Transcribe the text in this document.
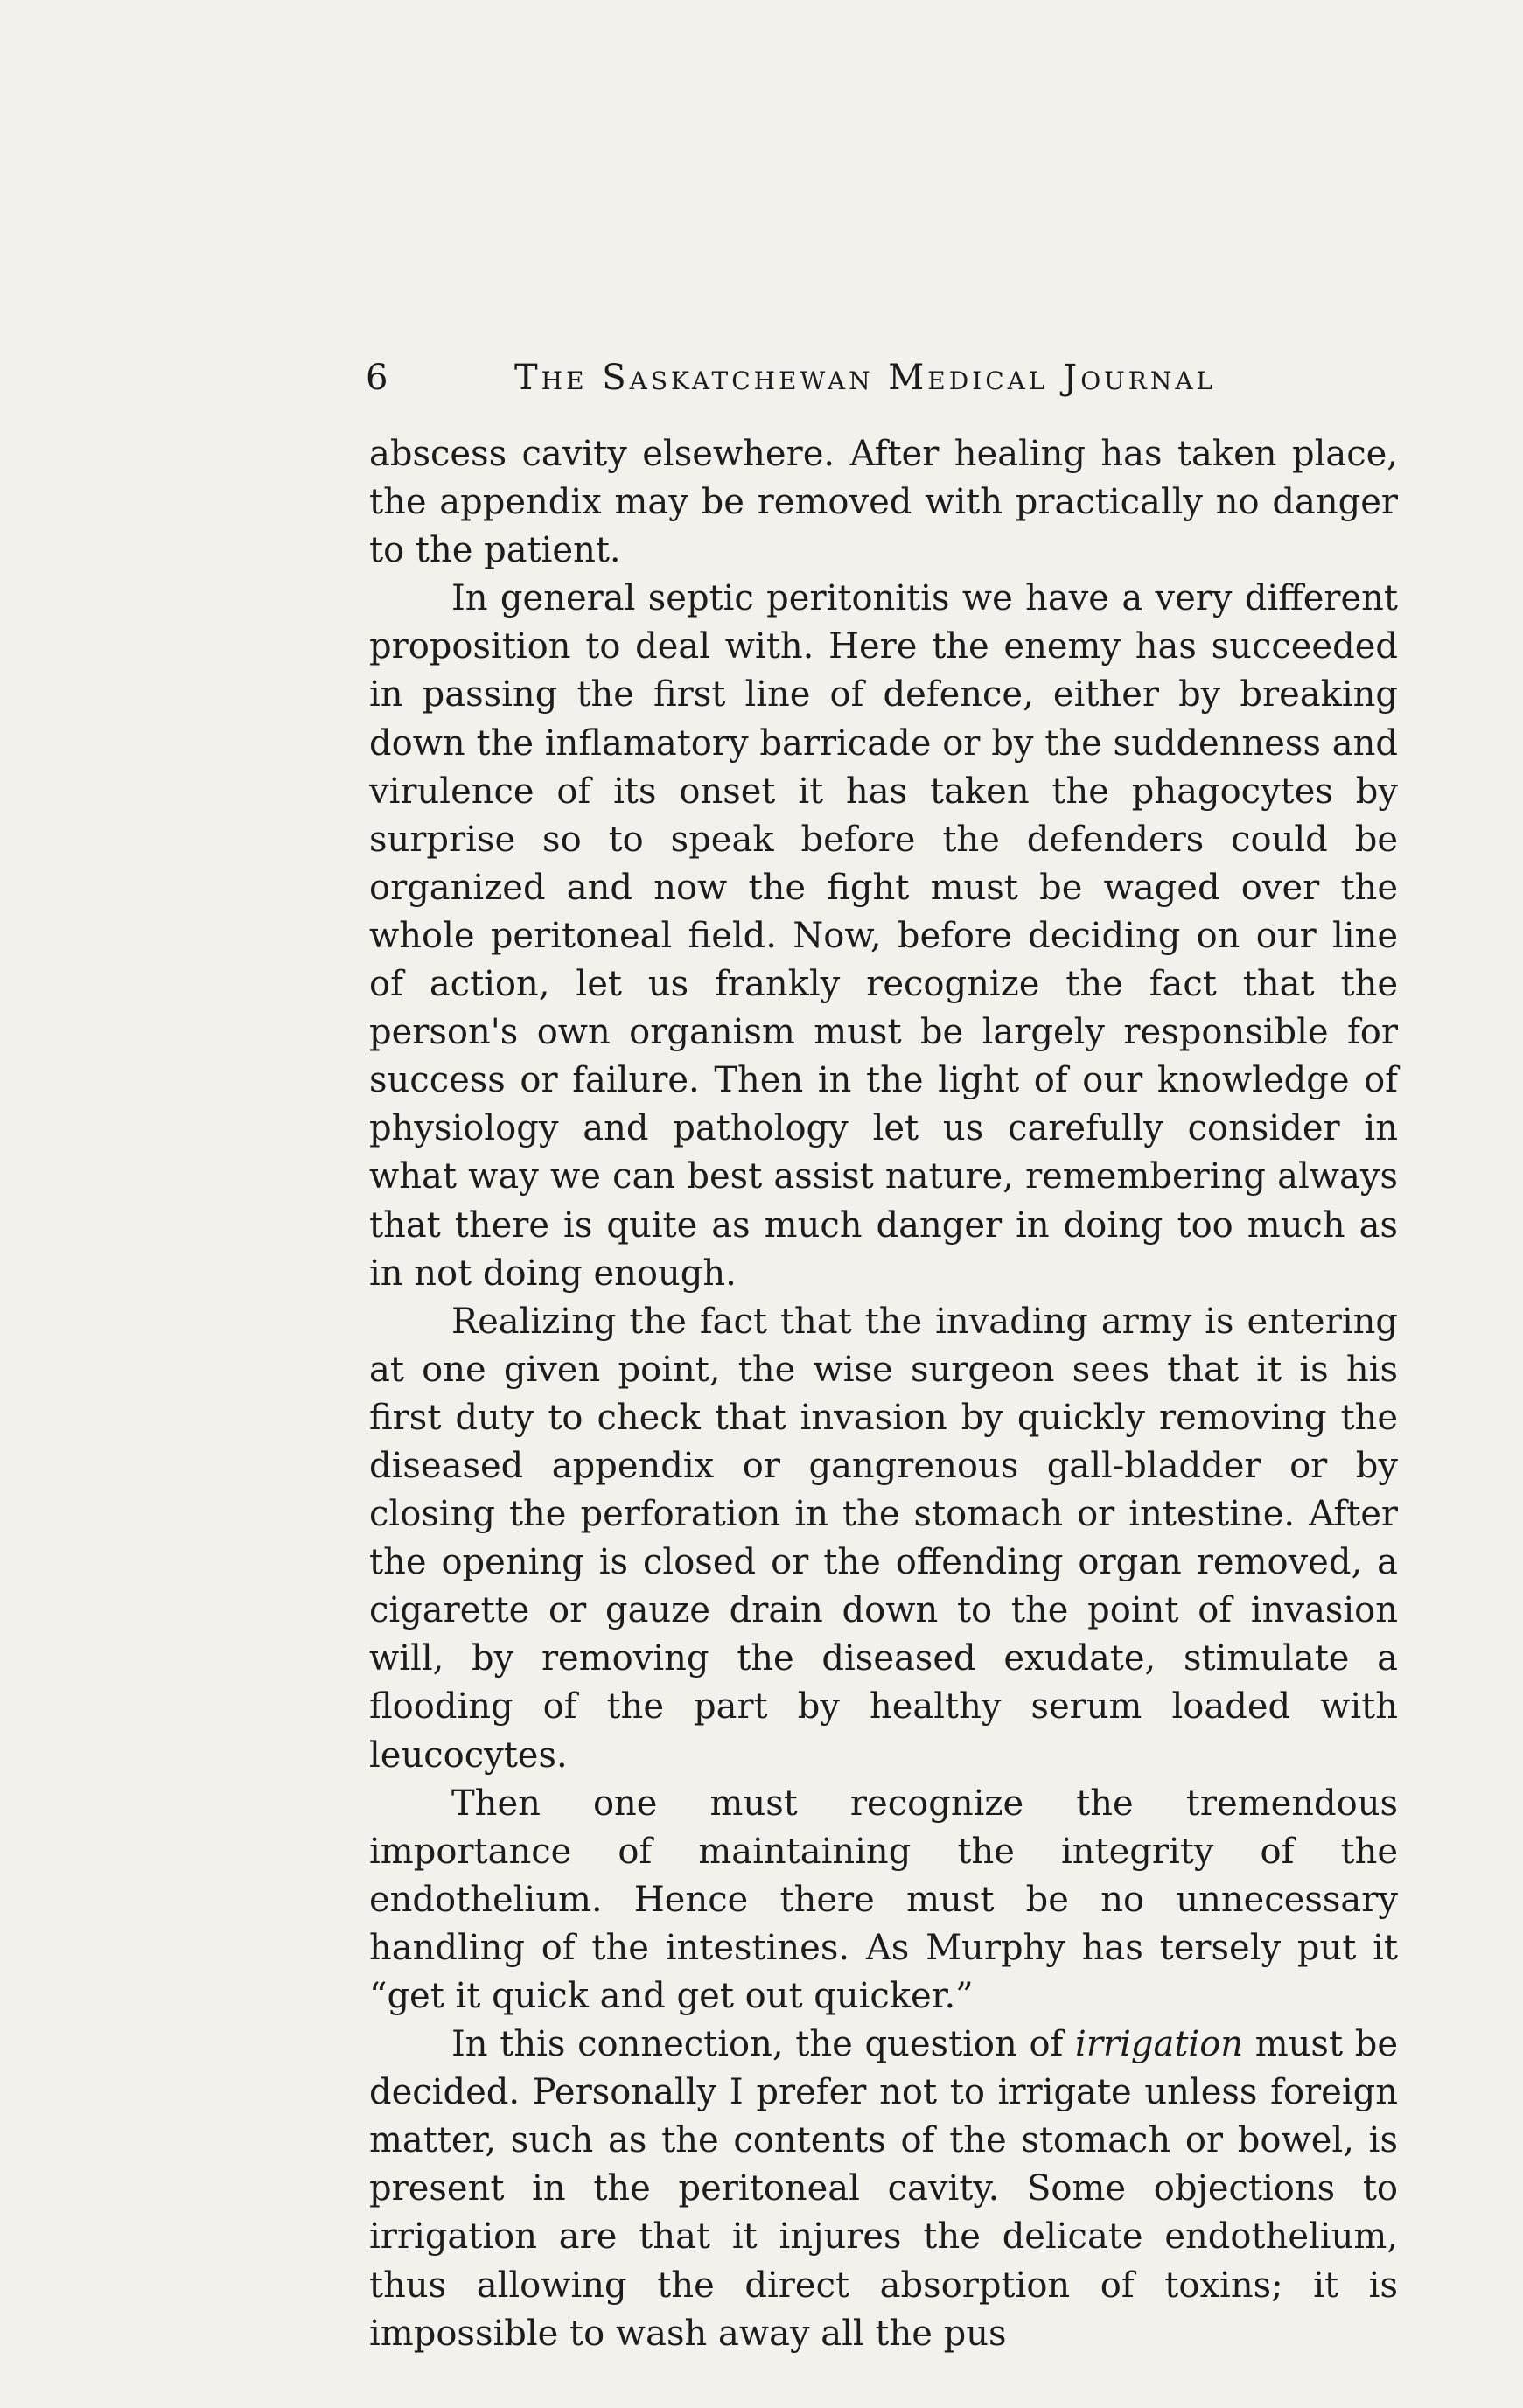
6	The Saskatchewan Medical Journal

abscess cavity elsewhere. After healing has taken place, the appendix may be removed with practically no danger to the patient.

In general septic peritonitis we have a very different proposition to deal with. Here the enemy has succeeded in passing the first line of defence, either by breaking down the inflamatory barricade or by the suddenness and virulence of its onset it has taken the phagocytes by surprise so to speak before the defenders could be organized and now the fight must be waged over the whole peritoneal field. Now, before deciding on our line of action, let us frankly recognize the fact that the person's own organism must be largely responsible for success or failure. Then in the light of our knowledge of physiology and pathology let us carefully consider in what way we can best assist nature, remembering always that there is quite as much danger in doing too much as in not doing enough.

Realizing the fact that the invading army is entering at one given point, the wise surgeon sees that it is his first duty to check that invasion by quickly removing the diseased appendix or gangrenous gall-bladder or by closing the perforation in the stomach or intestine. After the opening is closed or the offending organ removed, a cigarette or gauze drain down to the point of invasion will, by removing the diseased exudate, stimulate a flooding of the part by healthy serum loaded with leucocytes.

Then one must recognize the tremendous importance of maintaining the integrity of the endothelium. Hence there must be no unnecessary handling of the intestines. As Murphy has tersely put it “get it quick and get out quicker.”

In this connection, the question of irrigation must be decided. Personally I prefer not to irrigate unless foreign matter, such as the contents of the stomach or bowel, is present in the peritoneal cavity. Some objections to irrigation are that it injures the delicate endothelium, thus allowing the direct absorption of toxins; it is impossible to wash away all the pus
